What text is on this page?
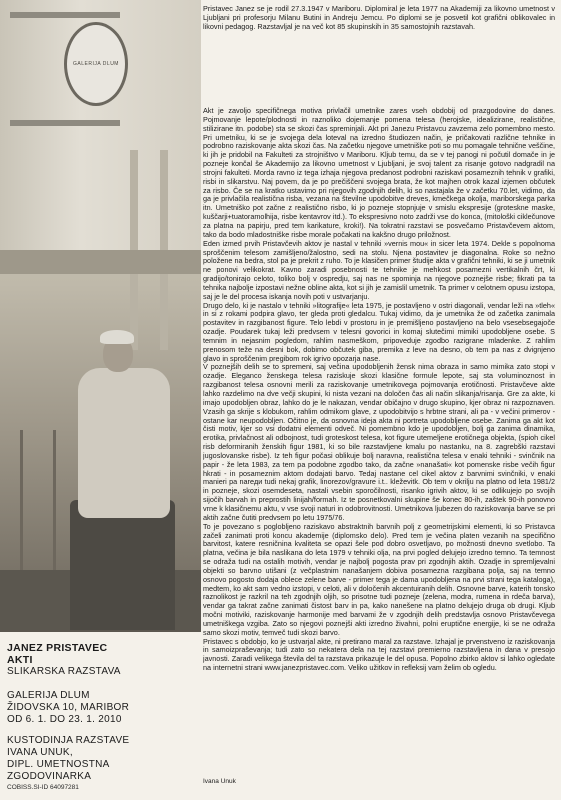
GALERIJA DLUM
JANEZ PRISTAVEC
AKTI
SLIKARSKA RAZSTAVA
GALERIJA DLUM
ŽIDOVSKA 10, MARIBOR
OD 6. 1. DO 23. 1. 2010
KUSTODINJA RAZSTAVE
IVANA UNUK,
DIPL. UMETNOSTNA
ZGODOVINARKA

Pristavec Janez se je rodil 27.3.1947 v Mariboru. Diplomiral je leta 1977 na Akademiji za likovno umetnost v Ljubljani pri profesorju Milanu Butini in Andreju Jemcu. Po diplomi se je posvetil kot grafični oblikovalec in likovni pedagog. Razstavljal je na več kot 85 skupinskih in 35 samostojnih razstavah.

Akt je zavoljo specifičnega motiva privlačil umetnike zares vseh obdobij od prazgodovine do danes. Pojmovanje lepote/plodnosti in raznoliko dojemanje pomena telesa (herojske, idealizirane, realistične, stilizirane itn. podobe) sta se skozi čas spreminjali. Akt pri Janezu Pristavcu zavzema zelo pomembno mesto. Pri umetniku, ki se je svojega dela loteval na izredno študiozen način, je pričakovati različne tehnike in podrobno raziskovanje akta skozi čas. Na začetku njegove umetniške poti so mu pomagale tehnične veščine, ki jih je pridobil na Fakulteti za strojništvo v Mariboru. Kljub temu, da se v tej panogi ni počutil domače in je pozneje končal še Akademijo za likovno umetnost v Ljubljani, je svoj talent za risanje gotovo nadgradil na strojni fakulteti. Morda ravno iz tega izhaja njegova predanost podrobni raziskavi posameznih tehnik v grafiki, risbi in slikarstvu. Naj povem, da je po prečiščeni svojega brata, že kot majhen otrok kazal izjemen občutek za risbo. Če se na kratko ustavimo pri njegovih zgodnjih delih, ki so nastajala že v začetku 70.let, vidimo, da ga je privlačila realistična risba, vezana na številne upodobitve dreves, kmečkega okolja, mariborskega parka itn. Umetniško pot začne z realistično risbo, ki jo pozneje stopnjuje v smislu ekspresije (groteskne maske, kuščarji+tuatoramolhija, risbe kentavrov itd.). To ekspresivno noto zadrži vse do konca, (mitološki ciklečunove za platna na papirju, pred tem karikature, kroki!). Na tokratni razstavi se posvečamo Pristavčevem aktom, tako da bodo mladostniške risbe morale počakati na kakšno drugo priložnost.

Eden izmed prvih Pristavčevih aktov je nastal v tehniki »vernis mou« in sicer leta 1974. Dekle s popolnoma sproščenim telesom zamišljeno/žalostno, sedi na stolu. Njena postavitev je diagonalna. Roke so nežno položene na bedra, stol pa je prekrit z ruho. To je klasičen primer študije akta v grafični tehniki, ki se ji umetnik ne ponovi velikokrat. Kavno zaradi posebnosti te tehnike je mehkost posamezni vertikalnih črt, ki gradijo/tonirajo celoto, toliko bolj v ospredju, saj nas ne spominja na njegove poznejše risbe; fikrati pa ta tehnika najbolje izpostavi nežne obline akta, kot si jih je zamislil umetnik. Ta primer v celotnem opusu izstopa, saj je le del procesa iskanja novih poti v ustvarjanju.

Drugo delo, ki je nastalo v tehniki »litografije« leta 1975, je postavljeno v ostri diagonali, vendar leži na »tleh« in si z rokami podpira glavo, ter gleda proti gledalcu. Tukaj vidimo, da je umetnika že od začetka zanimala postavitev in razgibanost figure. Telo lebdi v prostoru in je premišljeno postavljeno na belo vsesebsegajoče ozadje. Poudarek tukaj leži predvsem v telesni govorici in komaj slutečimi mimiki upodobljene osebe. S temnim in nejasnim pogledom, rahlim nasmeškom, pripoveduje zgodbo razigrane mladenke. Z rahlim prenosom teže na desni bok, dobimo občutek giba, premika z leve na desno, ob tem pa nas z dvignjeno glavo in sproščenim pregibom rok igrivo opozarja nase.

V poznejših delih se to spremeni, saj večina upodobljenih žensk nima obraza in samo mimika zato stopi v ozadje. Eleganco ženskega telesa raziskuje skozi klasične formule lepote, saj sta voluminoznost in razgibanost telesa osnovni merili za raziskovanje umetnikovega pojmovanja erotičnosti. Pristavčeve akte lahko razdelimo na dve večji skupini, ki nista vezani na določen čas ali način slikanja/risanja. Gre za akte, ki imajo upodobljen obraz, lahko do je le nakazan, vendar običajno v drugo skupino, kjer obraz ni razpoznaven. Vzasih ga skrije s klobukom, rahlim odmikom glave, z upodobitvijo s hrbtne strani, ali pa - v večini primerov - ostane kar neupodobljen. Očitno je, da osnovna ideja akta ni portreta upodobljene osebe. Zanima ga akt kot čisti motiv, kjer so vsi dodatni elementi odveč. Ni pomembno kdo je upodobljen, bolj ga zanima dinamika, erotika, privlačnost ali odbojnost, tudi groteskost telesa, kot figure utemeljene erotičnega objekta, (spioh cikel risb deformiranih ženskih figur 1981, ki so bile razstavljene kmalu po nastanku, na 8. zagrebški razstavi jugoslovanske risbe). Iz teh figur počasi oblikuje bolj naravna, realistična telesa v enaki tehniki - svinčnik na papir - že leta 1983, za tem pa podobne zgodbo tako, da začne »nanašati« kot pomenske risbe večih figur hkrati - in posameznim aktom dodajati barvo. Tedaj nastane cel cikel aktov z barvnimi svinčniki, v enaki manieri pa nareди tudi nekaj grafik, linorezov/gravure i.t.. kleževitk. Ob tem v okrilju na platno od leta 1981/2 in pozneje, skozi osemdeseta, nastali vsebin sporočilnosti, risanko igrivih aktov, ki se odlikujejo po svojih sijočih barvah in preprostih linijah/formah. Iz te posnetkovalni skupine še konec 80-ih, zaštek 90-ih ponovno vrne k klasičnemu aktu, v vse svoji naturi in odobrovitnosti. Umetnikova ljubezen do raziskovanja barve se pri aktih začne čutiti predvsem po letu 1975/76.

To je povezano s poglobljeno raziskavo abstraktnih barvnih polj z geometrijskimi elementi, ki so Pristavca začeli zanimati proti koncu akademije (diplomsko delo). Pred tem je večina platen vezanih na specifično barvitost, katere resničnina kvaliteta se opazi šele pod dobro osvetljavo, po možnosti dnevno svetlobo. Ta platna, večina je bila naslikana do leta 1979 v tehniki olja, na prvi pogled delujejo izredno temno. Ta temnost se odraža tudi na ostalih motivih, vendar je najbolj pogosta prav pri zgodnjih aktih. Ozadje in spremljevalni objekti so barvno utišani (z večplastnim nanašanjem dobiva posamezna razgibana polja, saj na temno osnovo pogosto dodaja oblece zelene barve - primer tega je dama upodobljena na prvi strani tega kataloga), medtem, ko akt sam vedno izstopi, v celoti, ali v določenih akcentuiranih delih. Osnovne barve, katerih tonsko raznolikost je razkril na teh zgodnjih oljih, so prisotne tudi pozneje (zelena, modra, rumena in rdeča barva), vendar ga takrat začne zanimati čistost barv in pa, kako nanešene na platno delujejo druga ob drugi. Kljub močni motiviki, raziskovanje harmonije med barvami že v zgodnjih delih predstavlja osnovo Pristavčevega umetniškega vzgiba. Zato so njegovi poznejši akti izredno živahni, polni eruptične energije, ki se ne odraža samo skozi motiv, temveč tudi skozi barvo.

Pristavec s obdobjo, ko je ustvarjal akte, ni pretirano maral za razstave. Izhajal je prvenstveno iz raziskovanja in samoizpraševanja; tudi zato so nekatera dela na tej razstavi premierno razstavljena in dana v presojo javnosti. Zaradi velikega števila del ta razstava prikazuje le del opusa. Popolno zbirko aktov si lahko ogledate na internetni strani www.janezpristavec.com. Veliko užitkov in refleksij vam želim ob ogledu.

Ivana Unuk
COBISS.SI-ID 64097281
